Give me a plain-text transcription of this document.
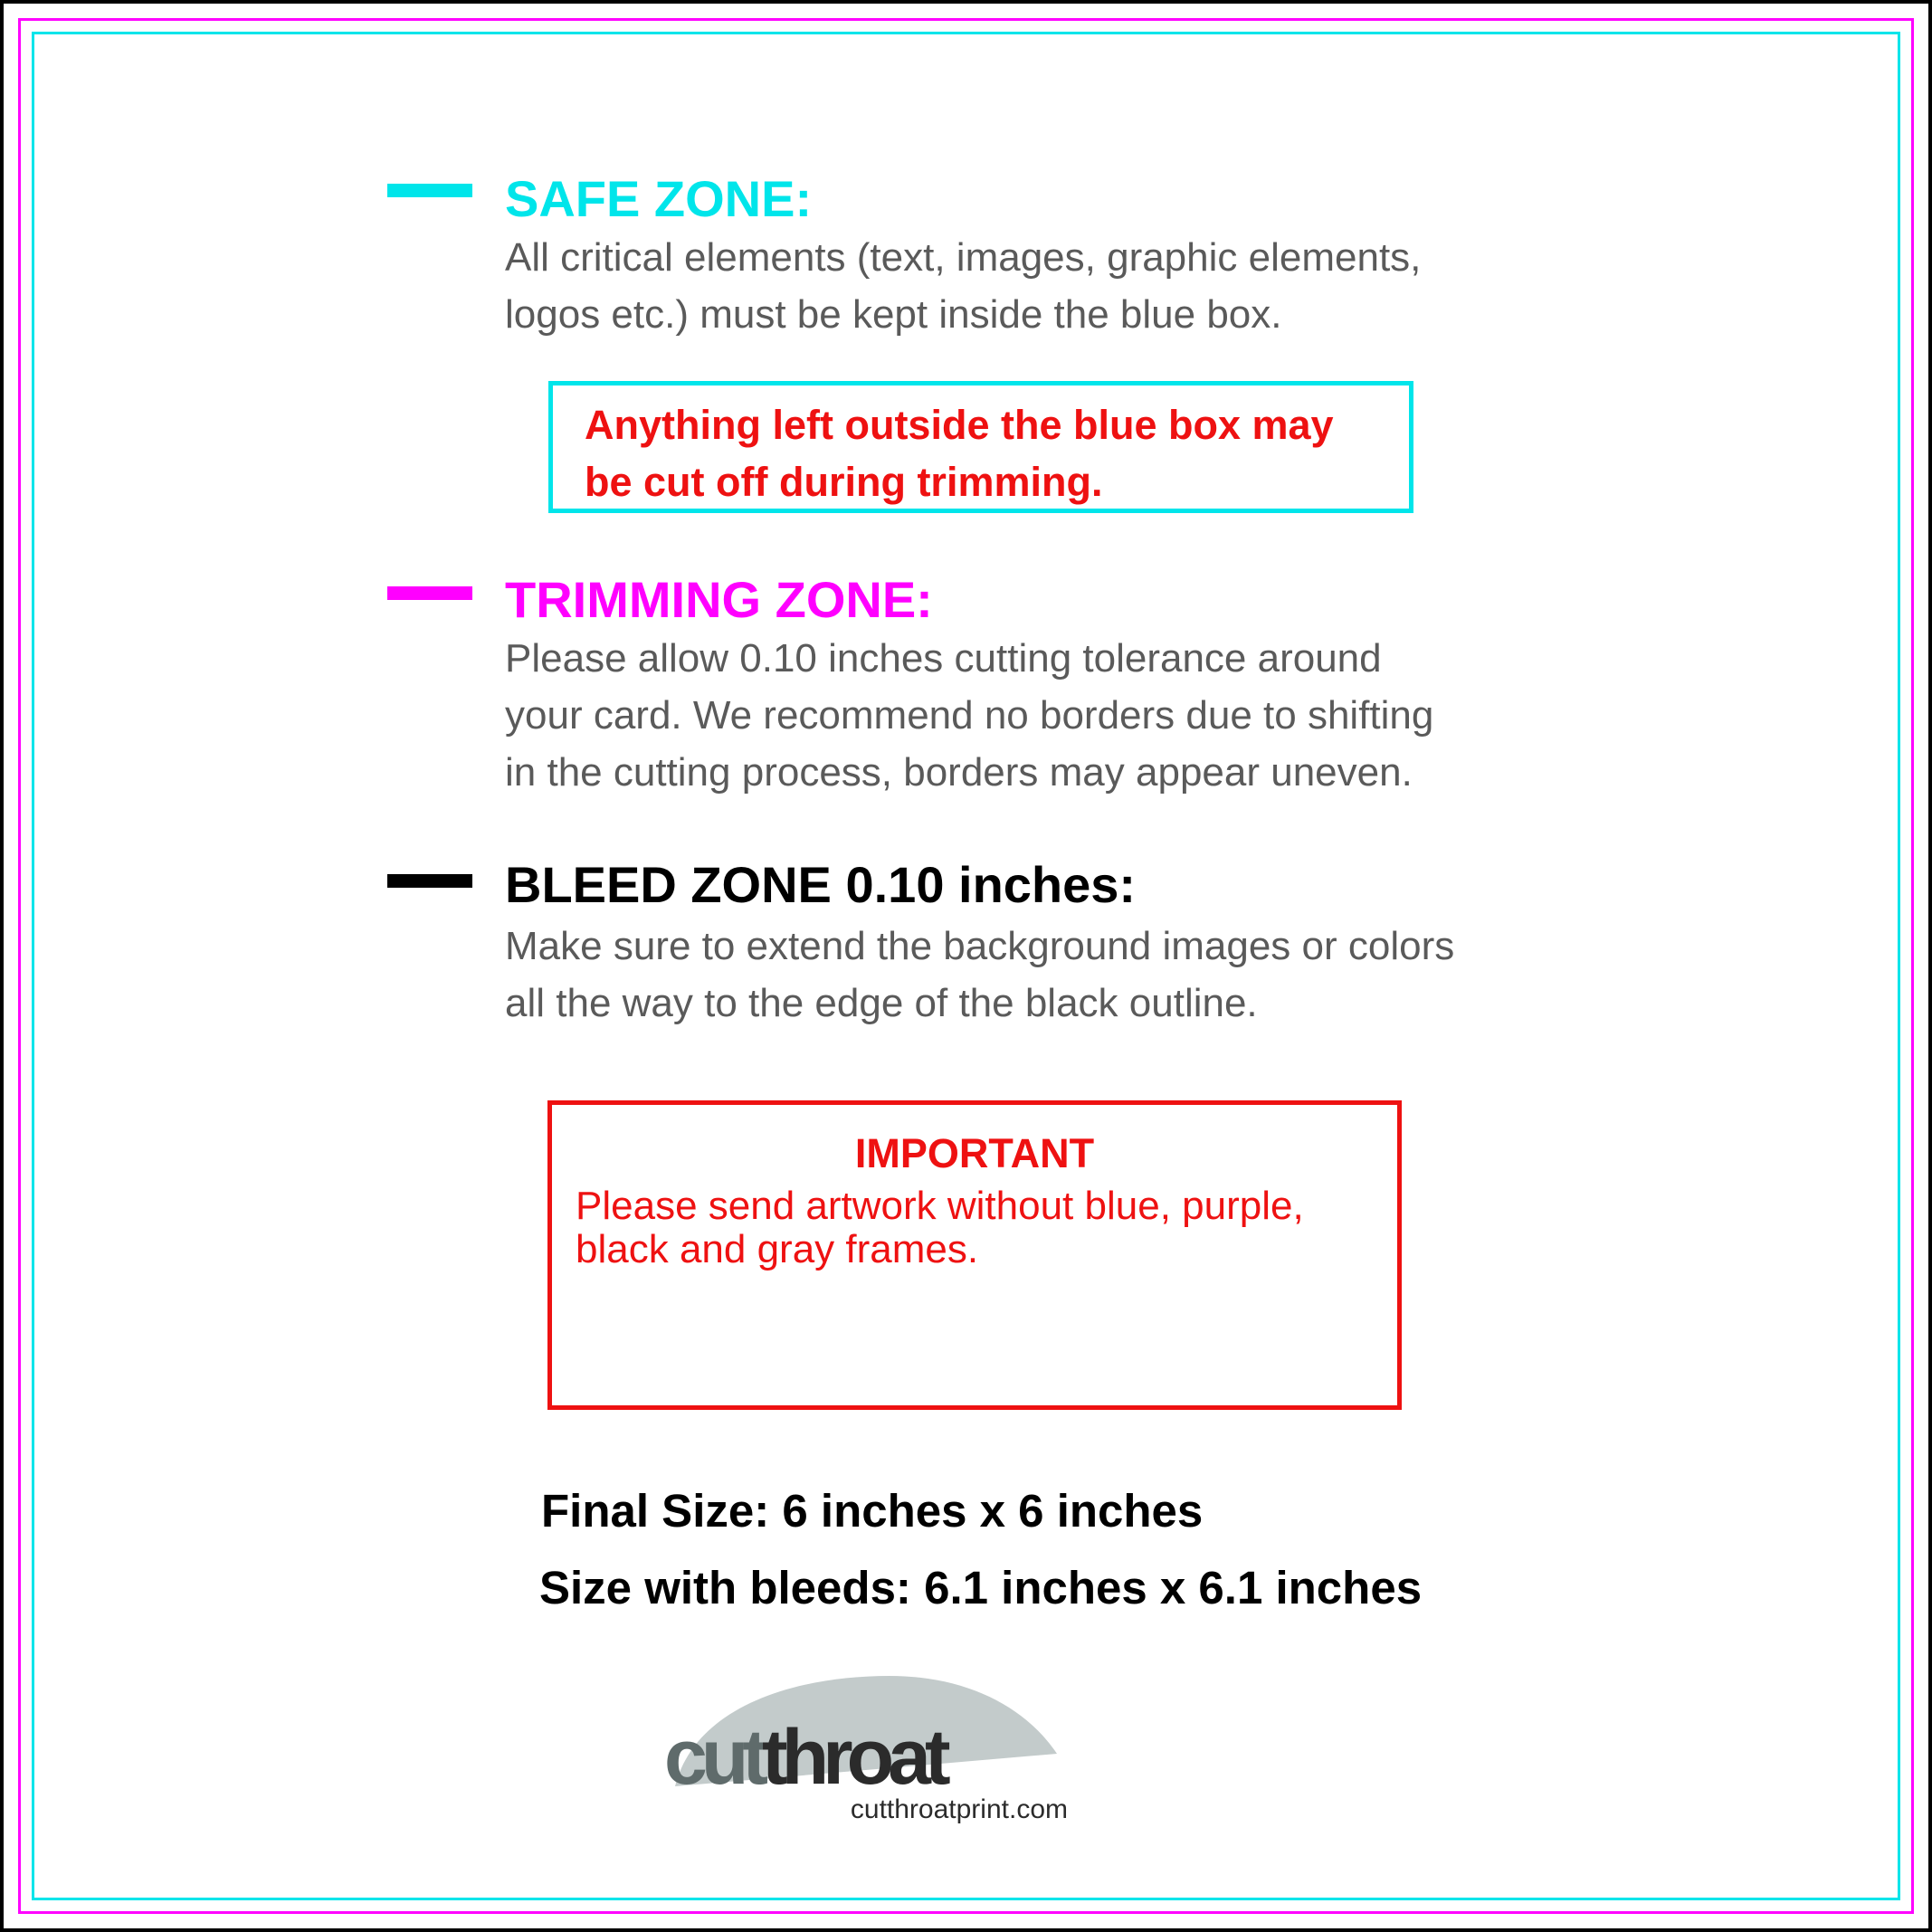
SAFE ZONE:
All critical elements (text, images, graphic elements,
logos etc.) must be kept inside the blue box.
Anything left outside the blue box may
be cut off during trimming.
TRIMMING ZONE:
Please allow 0.10 inches cutting tolerance around
your card. We recommend no borders due to shifting
in the cutting process, borders may appear uneven.
BLEED ZONE 0.10 inches:
Make sure to extend the background images or colors
all the way to the edge of the black outline.
IMPORTANT
Please send artwork without blue, purple,
black and gray frames.
Final Size: 6 inches x 6 inches
Size with bleeds: 6.1 inches x 6.1 inches
cutthroat
cutthroatprint.com
